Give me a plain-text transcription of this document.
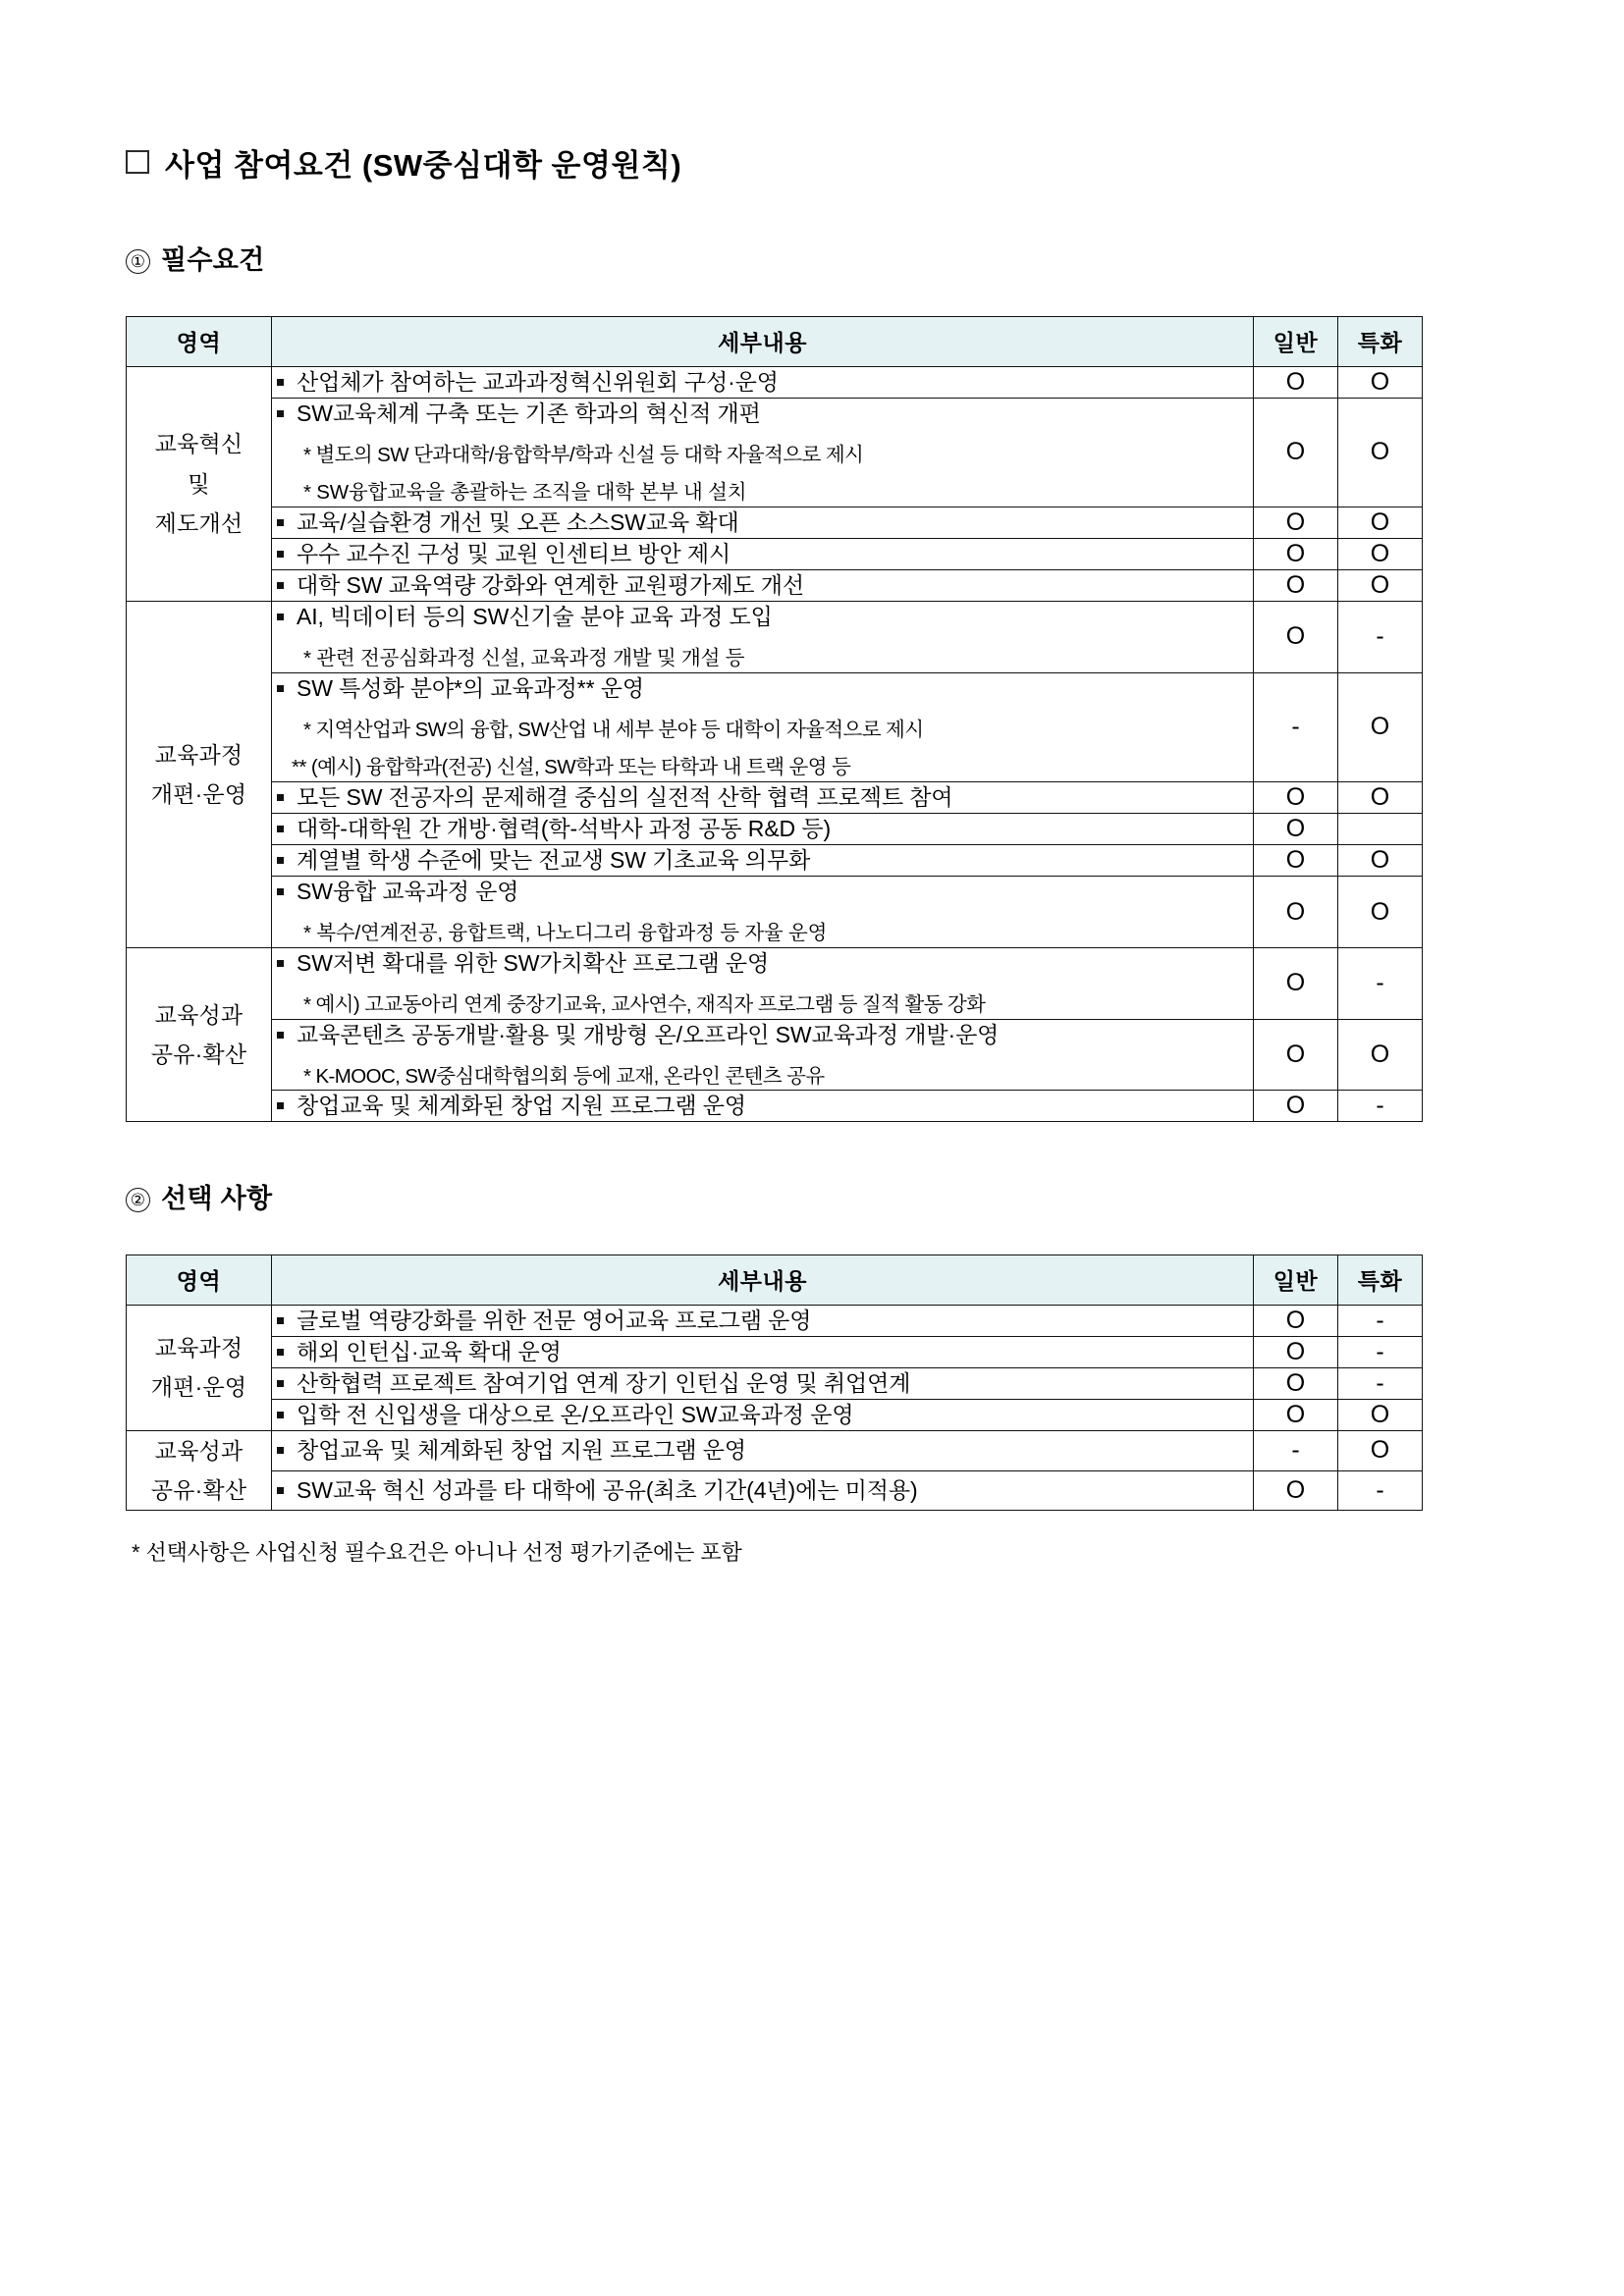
사업 참여요건 (SW중심대학 운영원칙)
① 필수요건
영역	세부내용	일반	특화
교육혁신
및
제도개선	산업체가 참여하는 교과과정혁신위원회 구성·운영	O	O

	SW교육체계 구축 또는 기존 학과의 혁신적 개편
* 별도의 SW 단과대학/융합학부/학과 신설 등 대학 자율적으로 제시
* SW융합교육을 총괄하는 조직을 대학 본부 내 설치	O	O

	교육/실습환경 개선 및 오픈 소스SW교육 확대	O	O

	우수 교수진 구성 및 교원 인센티브 방안 제시	O	O

	대학 SW 교육역량 강화와 연계한 교원평가제도 개선	O	O
교육과정
개편·운영	AI, 빅데이터 등의 SW신기술 분야 교육 과정 도입
* 관련 전공심화과정 신설, 교육과정 개발 및 개설 등	O	-

	SW 특성화 분야*의 교육과정** 운영
* 지역산업과 SW의 융합, SW산업 내 세부 분야 등 대학이 자율적으로 제시
** (예시) 융합학과(전공) 신설, SW학과 또는 타학과 내 트랙 운영 등	-	O

	모든 SW 전공자의 문제해결 중심의 실전적 산학 협력 프로젝트 참여	O	O

	대학-대학원 간 개방·협력(학-석박사 과정 공동 R&D 등)	O	

	계열별 학생 수준에 맞는 전교생 SW 기초교육 의무화	O	O

	SW융합 교육과정 운영
* 복수/연계전공, 융합트랙, 나노디그리 융합과정 등 자율 운영	O	O
교육성과
공유·확산	SW저변 확대를 위한 SW가치확산 프로그램 운영
* 예시) 고교동아리 연계 중장기교육, 교사연수, 재직자 프로그램 등 질적 활동 강화	O	-

	교육콘텐츠 공동개발·활용 및 개방형 온/오프라인 SW교육과정 개발·운영
* K-MOOC, SW중심대학협의회 등에 교재, 온라인 콘텐츠 공유	O	O

	창업교육 및 체계화된 창업 지원 프로그램 운영	O	-
② 선택 사항
영역	세부내용	일반	특화
교육과정
개편·운영	글로벌 역량강화를 위한 전문 영어교육 프로그램 운영	O	-

	해외 인턴십·교육 확대 운영	O	-

	산학협력 프로젝트 참여기업 연계 장기 인턴십 운영 및 취업연계	O	-

	입학 전 신입생을 대상으로 온/오프라인 SW교육과정 운영	O	O
교육성과
공유·확산	창업교육 및 체계화된 창업 지원 프로그램 운영	-	O

	SW교육 혁신 성과를 타 대학에 공유(최초 기간(4년)에는 미적용)	O	-
* 선택사항은 사업신청 필수요건은 아니나 선정 평가기준에는 포함
